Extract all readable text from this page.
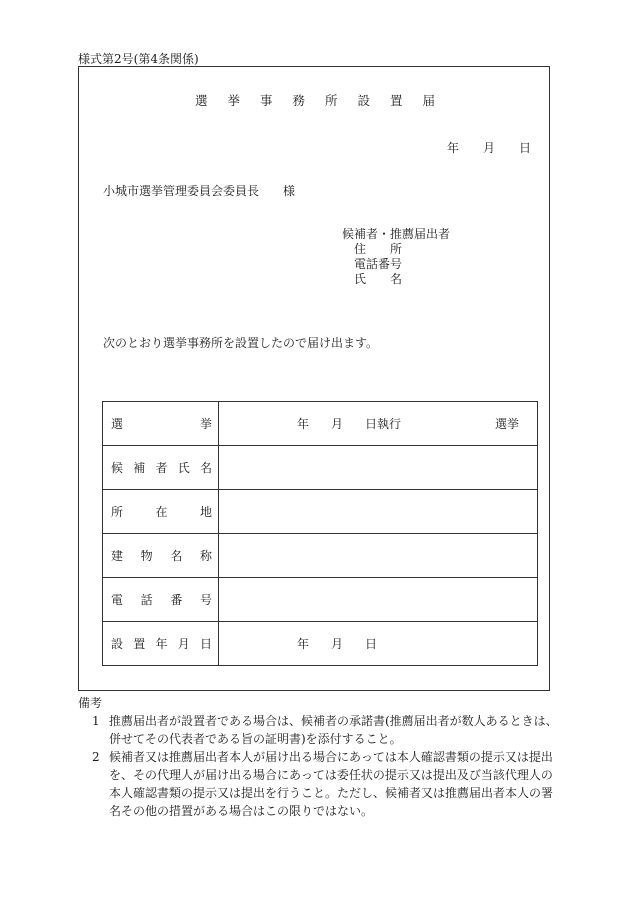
様式第2号(第4条関係)
選 挙 事 務 所 設 置 届
年 月 日
小城市選挙管理委員会委員長　　様
候補者・推薦届出者
住　　所
電話番号
氏　　名
次のとおり選挙事務所を設置したので届け出ます。
選 挙	年 月 日執行 選挙

候 補 者 氏 名	

所 在 地	

建 物 名 称	

電 話 番 号	

設 置 年 月 日	年 月 日
備考
1 推薦届出者が設置者である場合は、候補者の承諾書(推薦届出者が数人あるときは、併せてその代表者である旨の証明書)を添付すること。
2 候補者又は推薦届出者本人が届け出る場合にあっては本人確認書類の提示又は提出を、その代理人が届け出る場合にあっては委任状の提示又は提出及び当該代理人の本人確認書類の提示又は提出を行うこと。ただし、候補者又は推薦届出者本人の署名その他の措置がある場合はこの限りではない。
